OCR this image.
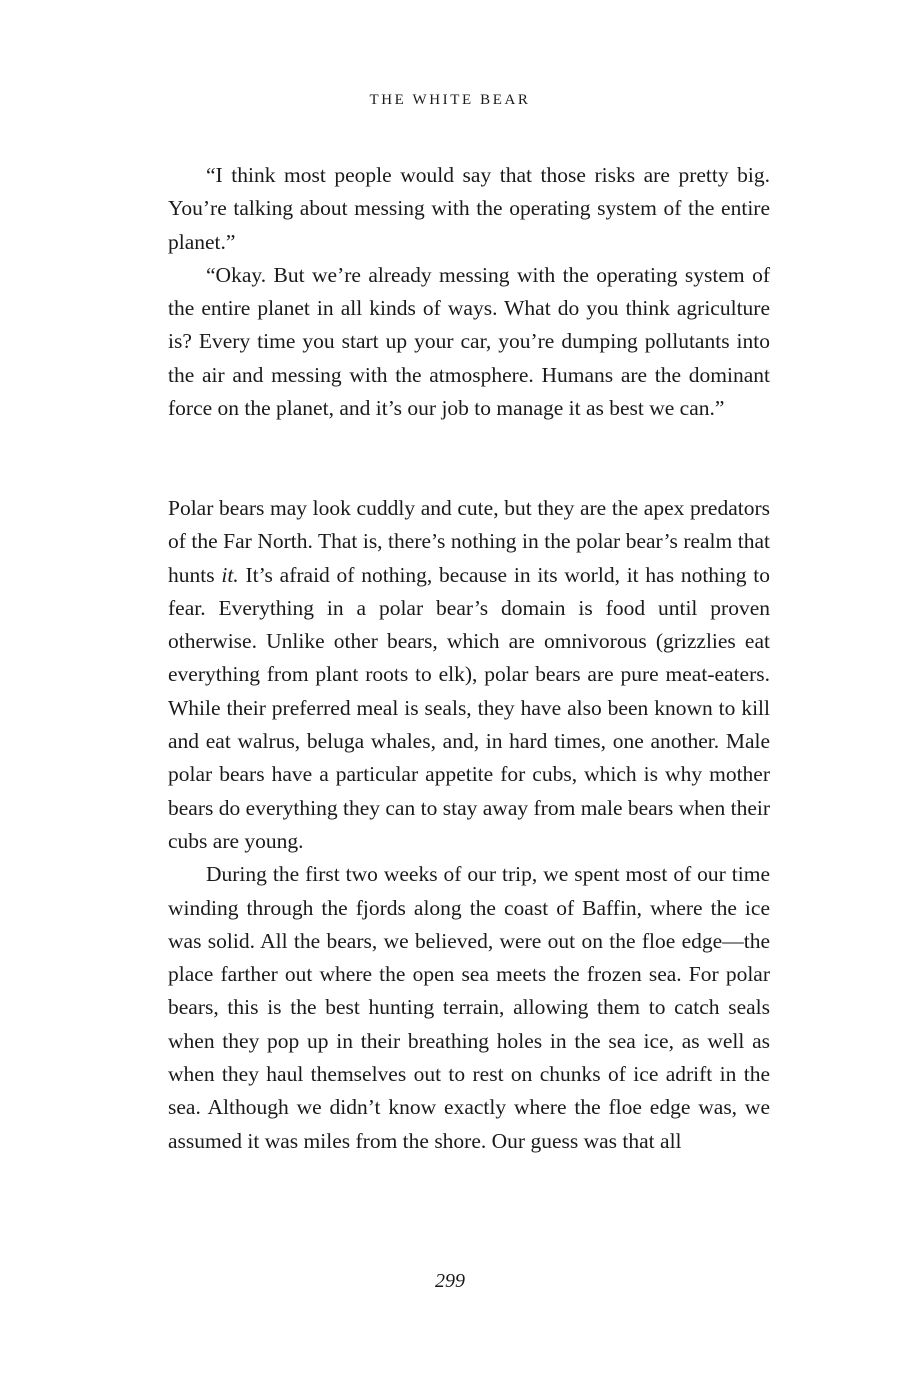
THE WHITE BEAR

“I think most people would say that those risks are pretty big. You’re talking about messing with the operating system of the entire planet.”

“Okay. But we’re already messing with the operating system of the entire planet in all kinds of ways. What do you think agriculture is? Every time you start up your car, you’re dumping pollutants into the air and messing with the atmosphere. Humans are the dominant force on the planet, and it’s our job to manage it as best we can.”

Polar bears may look cuddly and cute, but they are the apex predators of the Far North. That is, there’s nothing in the polar bear’s realm that hunts it. It’s afraid of nothing, because in its world, it has nothing to fear. Everything in a polar bear’s domain is food until proven otherwise. Unlike other bears, which are omnivorous (grizzlies eat everything from plant roots to elk), polar bears are pure meat-eaters. While their preferred meal is seals, they have also been known to kill and eat walrus, beluga whales, and, in hard times, one another. Male polar bears have a particular appetite for cubs, which is why mother bears do everything they can to stay away from male bears when their cubs are young.

During the first two weeks of our trip, we spent most of our time winding through the fjords along the coast of Baffin, where the ice was solid. All the bears, we believed, were out on the floe edge—the place farther out where the open sea meets the frozen sea. For polar bears, this is the best hunting terrain, allowing them to catch seals when they pop up in their breathing holes in the sea ice, as well as when they haul themselves out to rest on chunks of ice adrift in the sea. Although we didn’t know exactly where the floe edge was, we assumed it was miles from the shore. Our guess was that all

299
